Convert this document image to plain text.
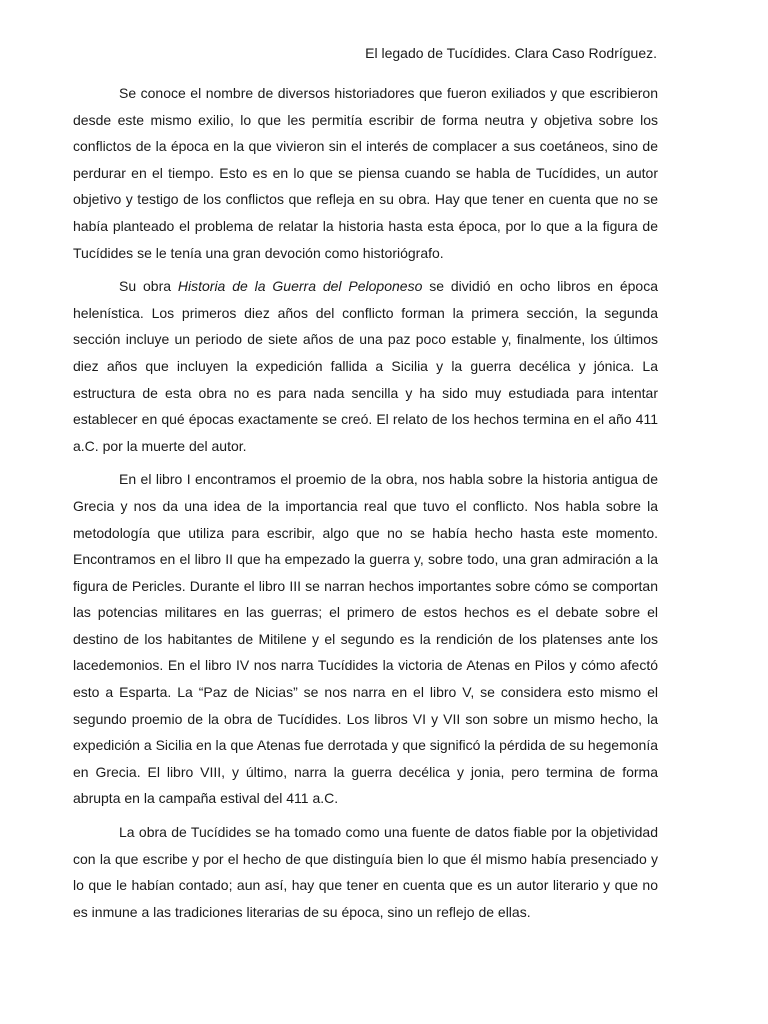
El legado de Tucídides. Clara Caso Rodríguez.

Se conoce el nombre de diversos historiadores que fueron exiliados y que escribieron desde este mismo exilio, lo que les permitía escribir de forma neutra y objetiva sobre los conflictos de la época en la que vivieron sin el interés de complacer a sus coetáneos, sino de perdurar en el tiempo. Esto es en lo que se piensa cuando se habla de Tucídides, un autor objetivo y testigo de los conflictos que refleja en su obra. Hay que tener en cuenta que no se había planteado el problema de relatar la historia hasta esta época, por lo que a la figura de Tucídides se le tenía una gran devoción como historiógrafo.

Su obra Historia de la Guerra del Peloponeso se dividió en ocho libros en época helenística. Los primeros diez años del conflicto forman la primera sección, la segunda sección incluye un periodo de siete años de una paz poco estable y, finalmente, los últimos diez años que incluyen la expedición fallida a Sicilia y la guerra decélica y jónica. La estructura de esta obra no es para nada sencilla y ha sido muy estudiada para intentar establecer en qué épocas exactamente se creó. El relato de los hechos termina en el año 411 a.C. por la muerte del autor.

En el libro I encontramos el proemio de la obra, nos habla sobre la historia antigua de Grecia y nos da una idea de la importancia real que tuvo el conflicto. Nos habla sobre la metodología que utiliza para escribir, algo que no se había hecho hasta este momento. Encontramos en el libro II que ha empezado la guerra y, sobre todo, una gran admiración a la figura de Pericles. Durante el libro III se narran hechos importantes sobre cómo se comportan las potencias militares en las guerras; el primero de estos hechos es el debate sobre el destino de los habitantes de Mitilene y el segundo es la rendición de los platenses ante los lacedemonios. En el libro IV nos narra Tucídides la victoria de Atenas en Pilos y cómo afectó esto a Esparta. La “Paz de Nicias” se nos narra en el libro V, se considera esto mismo el segundo proemio de la obra de Tucídides. Los libros VI y VII son sobre un mismo hecho, la expedición a Sicilia en la que Atenas fue derrotada y que significó la pérdida de su hegemonía en Grecia. El libro VIII, y último, narra la guerra decélica y jonia, pero termina de forma abrupta en la campaña estival del 411 a.C.

La obra de Tucídides se ha tomado como una fuente de datos fiable por la objetividad con la que escribe y por el hecho de que distinguía bien lo que él mismo había presenciado y lo que le habían contado; aun así, hay que tener en cuenta que es un autor literario y que no es inmune a las tradiciones literarias de su época, sino un reflejo de ellas.
